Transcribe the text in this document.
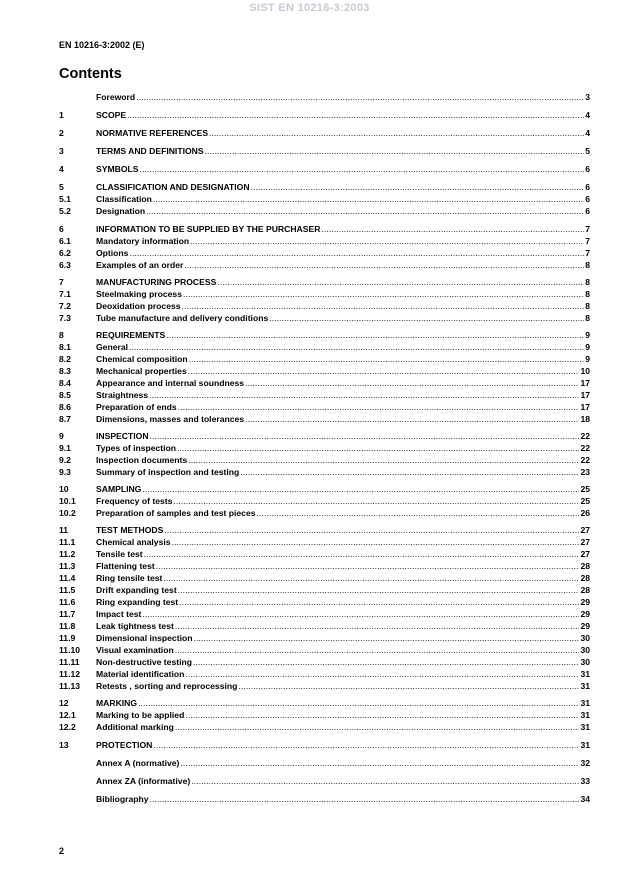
SIST EN 10216-3:2003
EN 10216-3:2002 (E)
Contents
Foreword .....	3
1	SCOPE .....	4
2	NORMATIVE REFERENCES .....	4
3	TERMS AND DEFINITIONS .....	5
4	SYMBOLS .....	6
5	CLASSIFICATION AND DESIGNATION .....	6
5.1	Classification .....	6
5.2	Designation .....	6
6	INFORMATION TO BE SUPPLIED BY THE PURCHASER .....	7
6.1	Mandatory information .....	7
6.2	Options .....	7
6.3	Examples of an order .....	8
7	MANUFACTURING PROCESS .....	8
7.1	Steelmaking process .....	8
7.2	Deoxidation process .....	8
7.3	Tube manufacture and delivery conditions .....	8
8	REQUIREMENTS .....	9
8.1	General .....	9
8.2	Chemical composition .....	9
8.3	Mechanical properties .....	10
8.4	Appearance and internal soundness .....	17
8.5	Straightness .....	17
8.6	Preparation of ends .....	17
8.7	Dimensions, masses and tolerances .....	18
9	INSPECTION .....	22
9.1	Types of inspection .....	22
9.2	Inspection documents .....	22
9.3	Summary of inspection and testing .....	23
10	SAMPLING .....	25
10.1	Frequency of tests .....	25
10.2	Preparation of samples and test pieces .....	26
11	TEST METHODS .....	27
11.1	Chemical analysis .....	27
11.2	Tensile test .....	27
11.3	Flattening test .....	28
11.4	Ring tensile test .....	28
11.5	Drift expanding test .....	28
11.6	Ring expanding test .....	29
11.7	Impact test .....	29
11.8	Leak tightness test .....	29
11.9	Dimensional inspection .....	30
11.10	Visual examination .....	30
11.11	Non-destructive testing .....	30
11.12	Material identification .....	31
11.13	Retests , sorting and reprocessing .....	31
12	MARKING .....	31
12.1	Marking to be applied .....	31
12.2	Additional marking .....	31
13	PROTECTION .....	31
Annex A (normative) .....	32
Annex ZA (informative) .....	33
Bibliography .....	34
2
